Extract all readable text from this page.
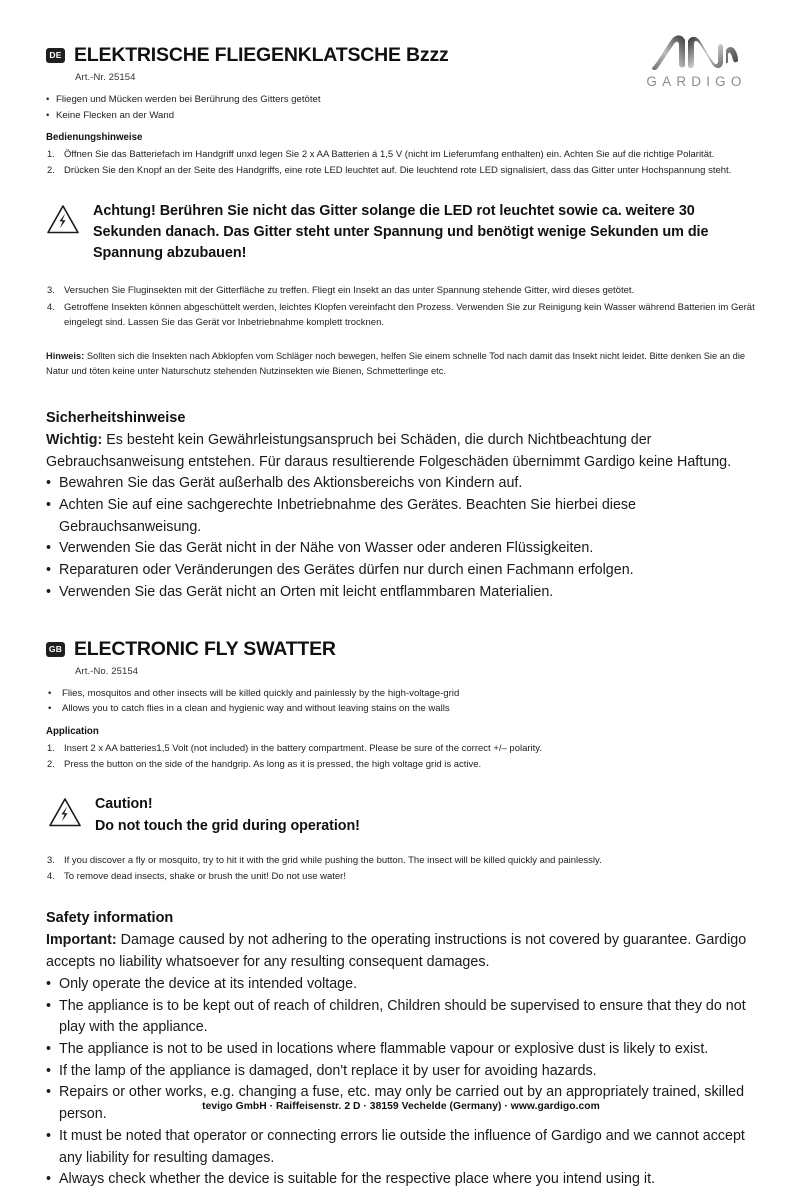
GARDIGO
DE ELEKTRISCHE FLIEGENKLATSCHE Bzzz
Art.-Nr. 25154
• Fliegen und Mücken werden bei Berührung des Gitters getötet
• Keine Flecken an der Wand
Bedienungshinweise
Öffnen Sie das Batteriefach im Handgriff unxd legen Sie 2 x AA Batterien á 1,5 V (nicht im Lieferumfang enthalten) ein. Achten Sie auf die richtige Polarität.
Drücken Sie den Knopf an der Seite des Handgriffs, eine rote LED leuchtet auf. Die leuchtend rote LED signalisiert, dass das Gitter unter Hochspannung steht.
Achtung! Berühren Sie nicht das Gitter solange die LED rot leuchtet sowie ca. weitere 30 Sekunden danach. Das Gitter steht unter Spannung und benötigt wenige Sekunden um die Spannung abzubauen!
Versuchen Sie Fluginsekten mit der Gitterfläche zu treffen. Fliegt ein Insekt an das unter Spannung stehende Gitter, wird dieses getötet.
Getroffene Insekten können abgeschüttelt werden, leichtes Klopfen vereinfacht den Prozess. Verwenden Sie zur Reinigung kein Wasser während Batterien im Gerät eingelegt sind. Lassen Sie das Gerät vor Inbetriebnahme komplett trocknen.

Hinweis: Sollten sich die Insekten nach Abklopfen vom Schläger noch bewegen, helfen Sie einem schnelle Tod nach damit das Insekt nicht leidet. Bitte denken Sie an die Natur und töten keine unter Naturschutz stehenden Nutzinsekten wie Bienen, Schmetterlinge etc.

Sicherheitshinweise

Wichtig: Es besteht kein Gewährleistungsanspruch bei Schäden, die durch Nichtbeachtung der Gebrauchsanweisung entstehen. Für daraus resultierende Folgeschäden übernimmt Gardigo keine Haftung.

• Bewahren Sie das Gerät außerhalb des Aktionsbereichs von Kindern auf.
• Achten Sie auf eine sachgerechte Inbetriebnahme des Gerätes. Beachten Sie hierbei diese Gebrauchsanweisung.
• Verwenden Sie das Gerät nicht in der Nähe von Wasser oder anderen Flüssigkeiten.
• Reparaturen oder Veränderungen des Gerätes dürfen nur durch einen Fachmann erfolgen.
• Verwenden Sie das Gerät nicht an Orten mit leicht entflammbaren Materialien.
GB ELECTRONIC FLY SWATTER
Art.-No. 25154
• Flies, mosquitos and other insects will be killed quickly and painlessly by the high-voltage-grid
• Allows you to catch flies in a clean and hygienic way and without leaving stains on the walls
Application
Insert 2 x AA batteries1,5 Volt (not included) in the battery compartment. Please be sure of the correct +/– polarity.
Press the button on the side of the handgrip. As long as it is pressed, the high voltage grid is active.
Caution!
Do not touch the grid during operation!
If you discover a fly or mosquito, try to hit it with the grid while pushing the button. The insect will be killed quickly and painlessly.
To remove dead insects, shake or brush the unit! Do not use water!
Safety information

Important: Damage caused by not adhering to the operating instructions is not covered by guarantee. Gardigo accepts no liability whatsoever for any resulting consequent damages.

• Only operate the device at its intended voltage.
• The appliance is to be kept out of reach of children, Children should be supervised to ensure that they do not play with the appliance.
• The appliance is not to be used in locations where flammable vapour or explosive dust is likely to exist.
• If the lamp of the appliance is damaged, don't replace it by user for avoiding hazards.
• Repairs or other works, e.g. changing a fuse, etc. may only be carried out by an appropriately trained, skilled person.
• It must be noted that operator or connecting errors lie outside the influence of Gardigo and we cannot accept any liability for resulting damages.
• Always check whether the device is suitable for the respective place where you intend using it.
tevigo GmbH · Raiffeisenstr. 2 D · 38159 Vechelde (Germany) · www.gardigo.com
